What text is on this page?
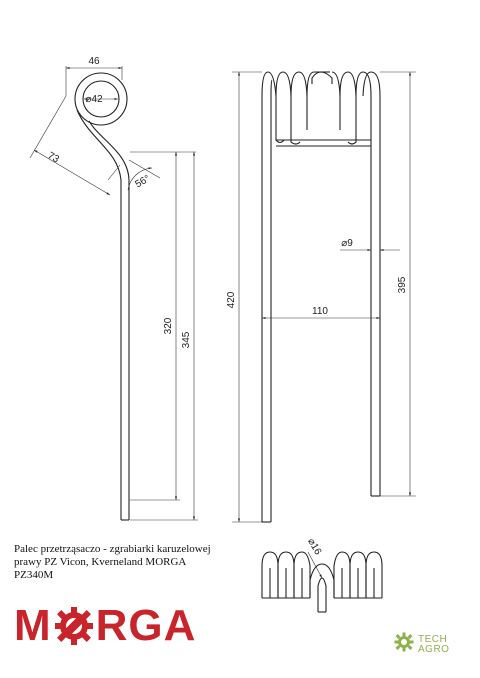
46
⌀42
73
56°
320
345
420
110
⌀9
395
⌀16
Palec przetrząsaczo - zgrabiarki karuzelowej
prawy PZ Vicon, Kverneland MORGA
PZ340M
M RGA	TECH
AGRO
